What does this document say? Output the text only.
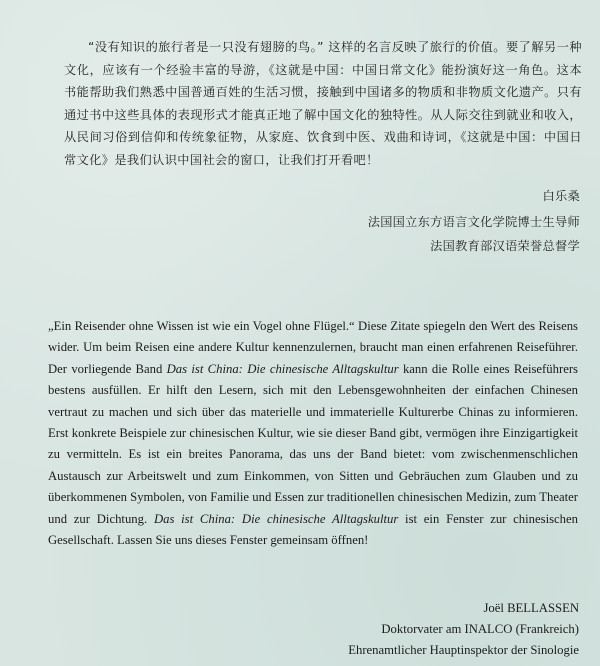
“没有知识的旅行者是一只没有翅膀的鸟。” 这样的名言反映了旅行的价值。要了解另一种文化，应该有一个经验丰富的导游，《这就是中国：中国日常文化》能扮演好这一角色。这本书能帮助我们熟悉中国普通百姓的生活习惯，接触到中国诸多的物质和非物质文化遗产。只有通过书中这些具体的表现形式才能真正地了解中国文化的独特性。从人际交往到就业和收入，从民间习俗到信仰和传统象征物，从家庭、饮食到中医、戏曲和诗词，《这就是中国：中国日常文化》是我们认识中国社会的窗口，让我们打开看吧！

白乐桑
法国国立东方语言文化学院博士生导师
法国教育部汉语荣誉总督学

„Ein Reisender ohne Wissen ist wie ein Vogel ohne Flügel.“ Diese Zitate spiegeln den Wert des Reisens wider. Um beim Reisen eine andere Kultur kennenzulernen, braucht man einen erfahrenen Reiseführer. Der vorliegende Band Das ist China: Die chinesische Alltagskultur kann die Rolle eines Reiseführers bestens ausfüllen. Er hilft den Lesern, sich mit den Lebensgewohnheiten der einfachen Chinesen vertraut zu machen und sich über das materielle und immaterielle Kulturerbe Chinas zu informieren. Erst konkrete Beispiele zur chinesischen Kultur, wie sie dieser Band gibt, vermögen ihre Einzigartigkeit zu vermitteln. Es ist ein breites Panorama, das uns der Band bietet: vom zwischenmenschlichen Austausch zur Arbeitswelt und zum Einkommen, von Sitten und Gebräuchen zum Glauben und zu überkommenen Symbolen, von Familie und Essen zur traditionellen chinesischen Medizin, zum Theater und zur Dichtung. Das ist China: Die chinesische Alltagskultur ist ein Fenster zur chinesischen Gesellschaft. Lassen Sie uns dieses Fenster gemeinsam öffnen!

Joël BELLASSEN
Doktorvater am INALCO (Frankreich)
Ehrenamtlicher Hauptinspektor der Sinologie
